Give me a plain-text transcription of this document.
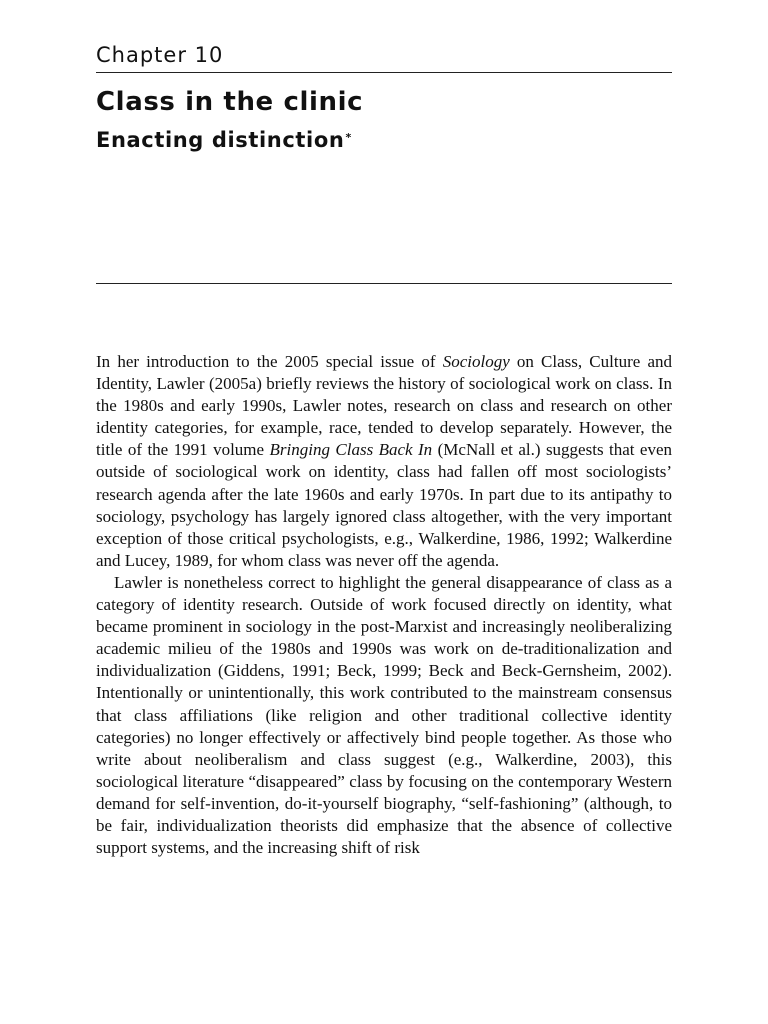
Chapter 10
Class in the clinic
Enacting distinction*

In her introduction to the 2005 special issue of Sociology on Class, Culture and Identity, Lawler (2005a) briefly reviews the history of sociological work on class. In the 1980s and early 1990s, Lawler notes, research on class and research on other identity categories, for example, race, tended to develop separately. However, the title of the 1991 volume Bringing Class Back In (McNall et al.) suggests that even outside of sociological work on identity, class had fallen off most sociologists’ research agenda after the late 1960s and early 1970s. In part due to its antipathy to sociology, psychology has largely ignored class altogether, with the very important exception of those critical psychologists, e.g., Walkerdine, 1986, 1992; Walkerdine and Lucey, 1989, for whom class was never off the agenda.

Lawler is nonetheless correct to highlight the general disappearance of class as a category of identity research. Outside of work focused directly on identity, what became prominent in sociology in the post-Marxist and increasingly neoliberalizing academic milieu of the 1980s and 1990s was work on de-traditionalization and individualization (Giddens, 1991; Beck, 1999; Beck and Beck-Gernsheim, 2002). Intentionally or unintentionally, this work contributed to the mainstream consensus that class affiliations (like religion and other traditional collective identity categories) no longer effectively or affectively bind people together. As those who write about neoliberalism and class suggest (e.g., Walkerdine, 2003), this sociological literature “disappeared” class by focusing on the contemporary Western demand for self-invention, do-it-yourself biography, “self-fashioning” (although, to be fair, individualization theorists did emphasize that the absence of collective support systems, and the increasing shift of risk
